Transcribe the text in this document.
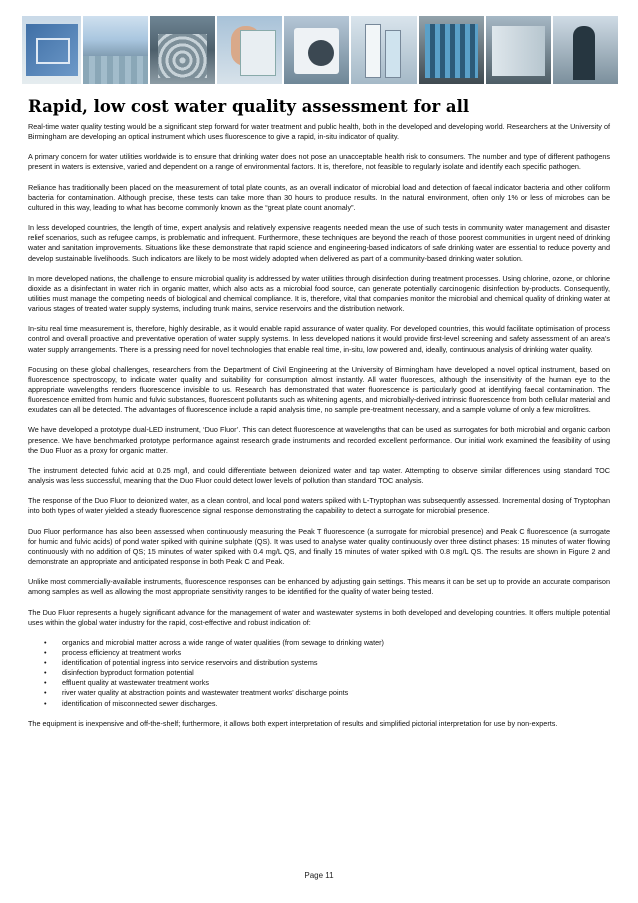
Rapid, low cost water quality assessment for all

Real-time water quality testing would be a significant step forward for water treatment and public health, both in the developed and developing world. Researchers at the University of Birmingham are developing an optical instrument which uses fluorescence to give a rapid, in-situ indicator of quality.

A primary concern for water utilities worldwide is to ensure that drinking water does not pose an unacceptable health risk to consumers. The number and type of different pathogens present in waters is extensive, varied and dependent on a range of environmental factors. It is, therefore, not feasible to regularly isolate and identify each specific pathogen.

Reliance has traditionally been placed on the measurement of total plate counts, as an overall indicator of microbial load and detection of faecal indicator bacteria and other coliform bacteria for contamination. Although precise, these tests can take more than 30 hours to produce results. In the natural environment, often only 1% or less of microbes can be cultured in this way, leading to what has become commonly known as the “great plate count anomaly”.

In less developed countries, the length of time, expert analysis and relatively expensive reagents needed mean the use of such tests in community water management and disaster relief scenarios, such as refugee camps, is problematic and infrequent. Furthermore, these techniques are beyond the reach of those poorest communities in urgent need of drinking water and sanitation improvements. Situations like these demonstrate that rapid science and engineering-based indicators of safe drinking water are essential to reduce poverty and develop sustainable livelihoods. Such indicators are likely to be most widely adopted when delivered as part of a community-based drinking water solution.

In more developed nations, the challenge to ensure microbial quality is addressed by water utilities through disinfection during treatment processes. Using chlorine, ozone, or chlorine dioxide as a disinfectant in water rich in organic matter, which also acts as a microbial food source, can generate potentially carcinogenic disinfection by-products. Consequently, utilities must manage the competing needs of biological and chemical compliance. It is, therefore, vital that companies monitor the microbial and chemical quality of drinking water at various stages of treated water supply systems, including trunk mains, service reservoirs and the distribution network.

In-situ real time measurement is, therefore, highly desirable, as it would enable rapid assurance of water quality. For developed countries, this would facilitate optimisation of process control and overall proactive and preventative operation of water supply systems. In less developed nations it would provide first-level screening and safety assessment of an area’s water supply arrangements. There is a pressing need for novel technologies that enable real time, in-situ, low powered and, ideally, continuous analysis of drinking water quality.

Focusing on these global challenges, researchers from the Department of Civil Engineering at the University of Birmingham have developed a novel optical instrument, based on fluorescence spectroscopy, to indicate water quality and suitability for consumption almost instantly. All water fluoresces, although the insensitivity of the human eye to the appropriate wavelengths renders fluorescence invisible to us. Research has demonstrated that water fluorescence is particularly good at identifying faecal contamination. The fluorescence emitted from humic and fulvic substances, fluorescent pollutants such as whitening agents, and microbially-derived intrinsic fluorescence from both cellular material and exudates can all be detected. The advantages of fluorescence include a rapid analysis time, no sample pre-treatment necessary, and a sample volume of only a few microlitres.

We have developed a prototype dual-LED instrument, ‘Duo Fluor’. This can detect fluorescence at wavelengths that can be used as surrogates for both microbial and organic carbon presence. We have benchmarked prototype performance against research grade instruments and recorded excellent performance. Our initial work examined the feasibility of using the Duo Fluor as a proxy for organic matter.

The instrument detected fulvic acid at 0.25 mg/l, and could differentiate between deionized water and tap water. Attempting to observe similar differences using standard TOC analysis was less successful, meaning that the Duo Fluor could detect lower levels of pollution than standard TOC analysis.

The response of the Duo Fluor to deionized water, as a clean control, and local pond waters spiked with L-Tryptophan was subsequently assessed. Incremental dosing of Tryptophan into both types of water yielded a steady fluorescence signal response demonstrating the capability to detect a surrogate for microbial presence.

Duo Fluor performance has also been assessed when continuously measuring the Peak T fluorescence (a surrogate for microbial presence) and Peak C fluorescence (a surrogate for humic and fulvic acids) of pond water spiked with quinine sulphate (QS). It was used to analyse water quality continuously over three distinct phases: 15 minutes of water flowing continuously with no addition of QS; 15 minutes of water spiked with 0.4 mg/L QS, and finally 15 minutes of water spiked with 0.8 mg/L QS. The results are shown in Figure 2 and demonstrate an appropriate and anticipated response in both Peak C and Peak.

Unlike most commercially-available instruments, fluorescence responses can be enhanced by adjusting gain settings. This means it can be set up to provide an accurate comparison among samples as well as allowing the most appropriate sensitivity ranges to be identified for the quality of water being tested.

The Duo Fluor represents a hugely significant advance for the management of water and wastewater systems in both developed and developing countries. It offers multiple potential uses within the global water industry for the rapid, cost-effective and robust indication of:

• organics and microbial matter across a wide range of water qualities (from sewage to drinking water)
• process efficiency at treatment works
• identification of potential ingress into service reservoirs and distribution systems
• disinfection byproduct formation potential
• effluent quality at wastewater treatment works
• river water quality at abstraction points and wastewater treatment works’ discharge points
• identification of misconnected sewer discharges.

The equipment is inexpensive and off-the-shelf; furthermore, it allows both expert interpretation of results and simplified pictorial interpretation for use by non-experts.

Page 11
